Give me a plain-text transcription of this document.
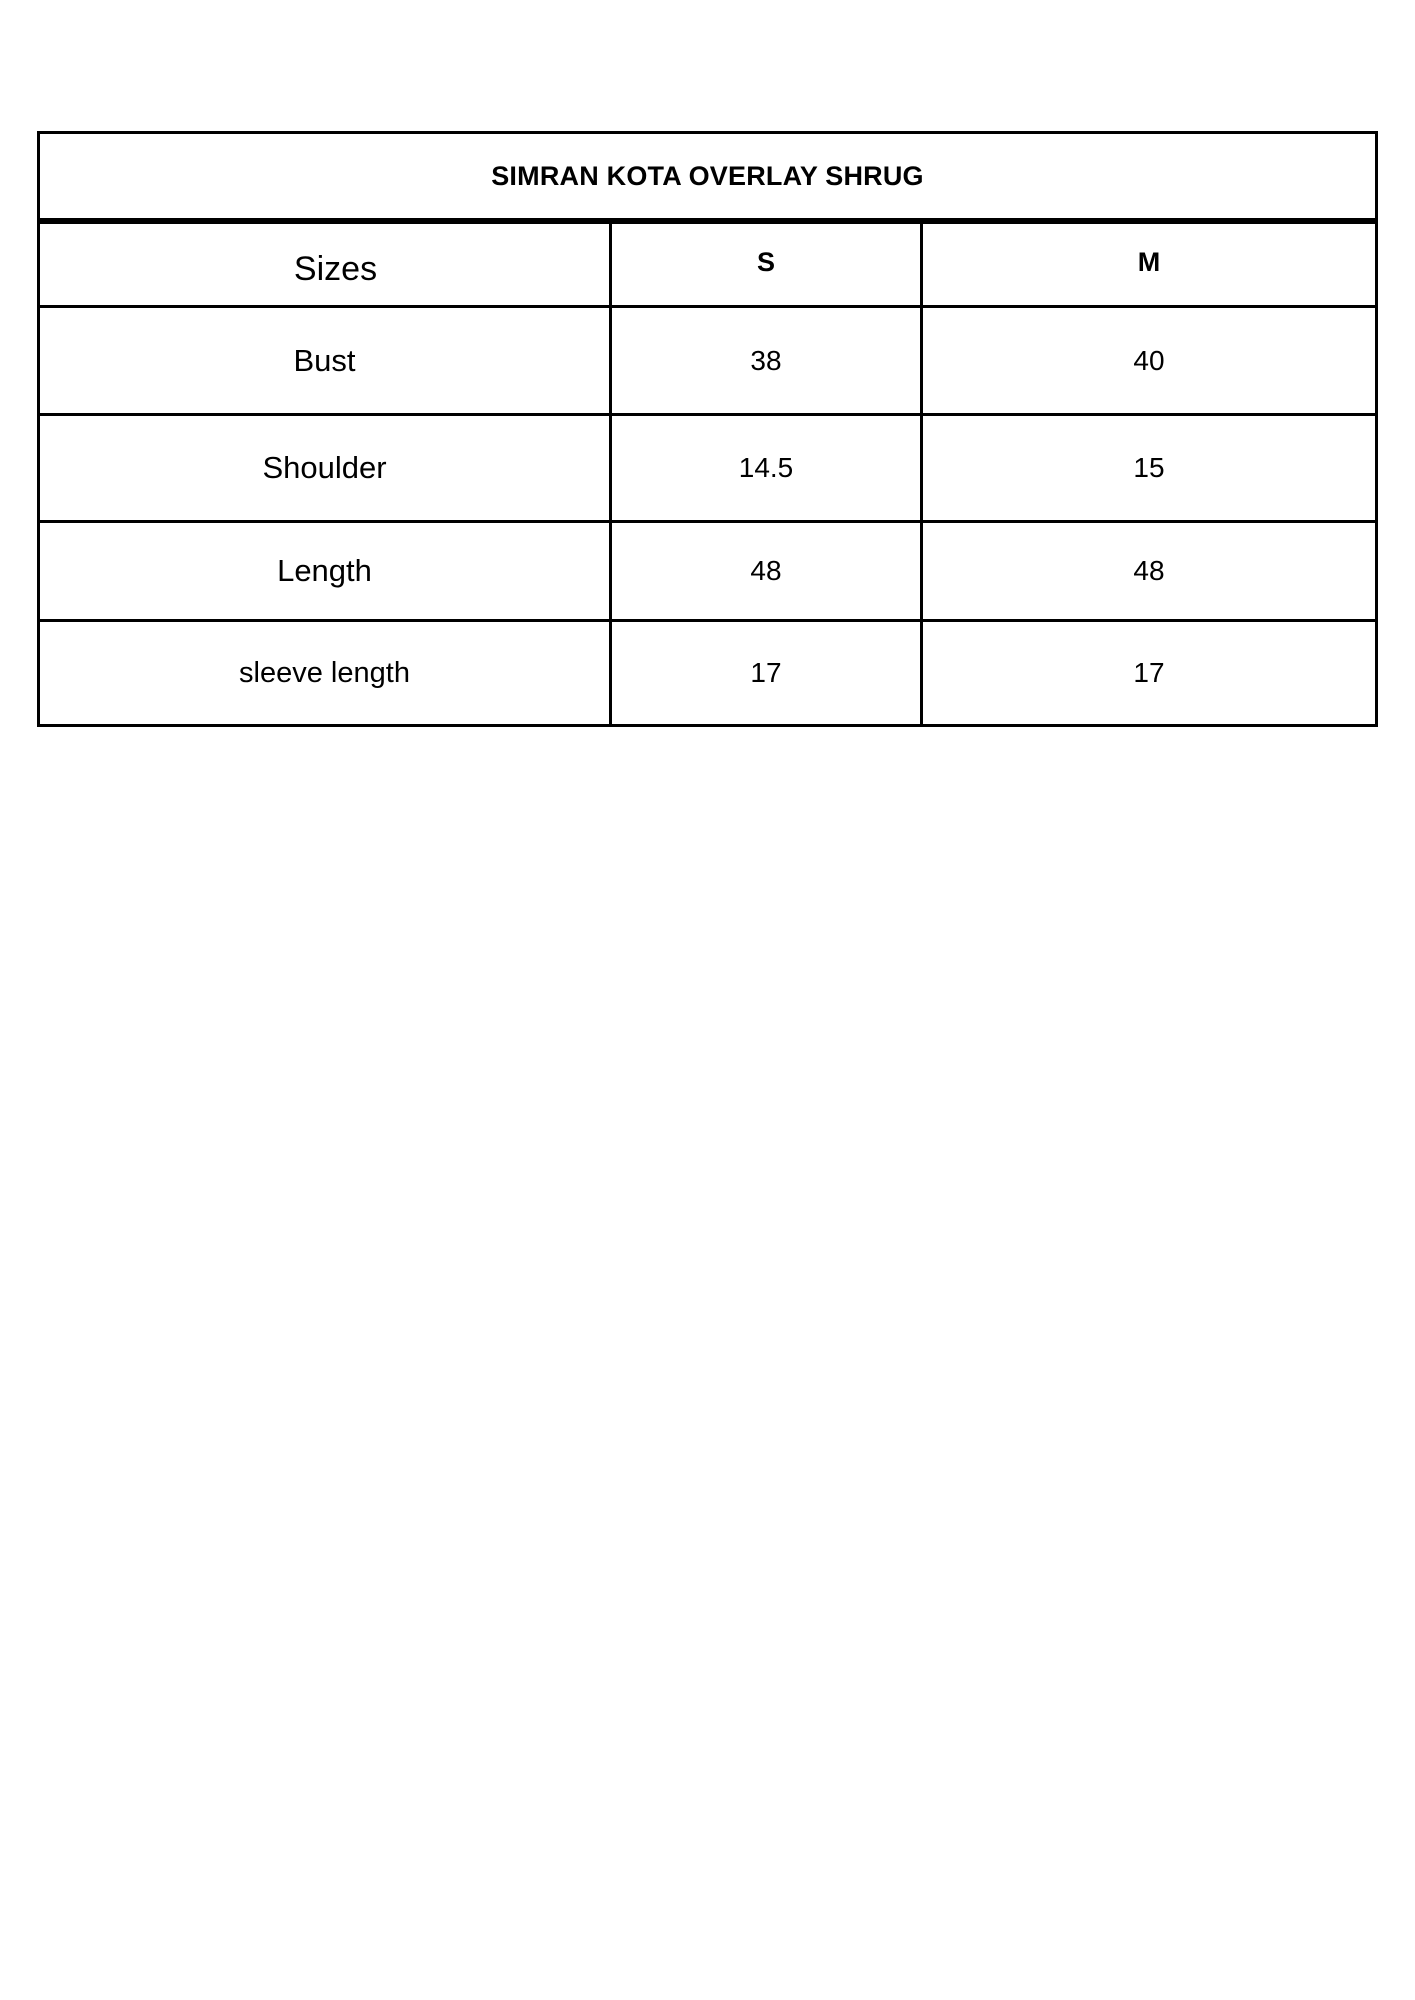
SIMRAN KOTA OVERLAY SHRUG
Sizes	S	M
Bust	38	40
Shoulder	14.5	15
Length	48	48
sleeve length	17	17
